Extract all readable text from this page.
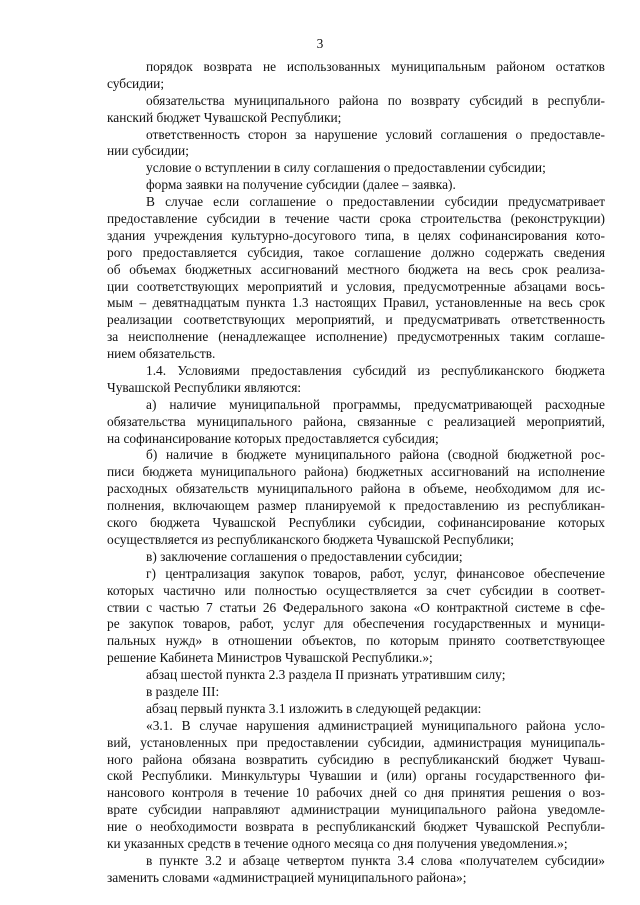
3
порядок возврата не использованных муниципальным районом остатков
субсидии;
обязательства муниципального района по возврату субсидий в республи-
канский бюджет Чувашской Республики;
ответственность сторон за нарушение условий соглашения о предоставле-
нии субсидии;
условие о вступлении в силу соглашения о предоставлении субсидии;
форма заявки на получение субсидии (далее – заявка).
В случае если соглашение о предоставлении субсидии предусматривает
предоставление субсидии в течение части срока строительства (реконструкции)
здания учреждения культурно-досугового типа, в целях софинансирования кото-
рого предоставляется субсидия, такое соглашение должно содержать сведения
об объемах бюджетных ассигнований местного бюджета на весь срок реализа-
ции соответствующих мероприятий и условия, предусмотренные абзацами вось-
мым – девятнадцатым пункта 1.3 настоящих Правил, установленные на весь срок
реализации соответствующих мероприятий, и предусматривать ответственность
за неисполнение (ненадлежащее исполнение) предусмотренных таким соглаше-
нием обязательств.
1.4. Условиями предоставления субсидий из республиканского бюджета
Чувашской Республики являются:
а) наличие муниципальной программы, предусматривающей расходные
обязательства муниципального района, связанные с реализацией мероприятий,
на софинансирование которых предоставляется субсидия;
б) наличие в бюджете муниципального района (сводной бюджетной рос-
писи бюджета муниципального района) бюджетных ассигнований на исполнение
расходных обязательств муниципального района в объеме, необходимом для ис-
полнения, включающем размер планируемой к предоставлению из республикан-
ского бюджета Чувашской Республики субсидии, софинансирование которых
осуществляется из республиканского бюджета Чувашской Республики;
в) заключение соглашения о предоставлении субсидии;
г) централизация закупок товаров, работ, услуг, финансовое обеспечение
которых частично или полностью осуществляется за счет субсидии в соответ-
ствии с частью 7 статьи 26 Федерального закона «О контрактной системе в сфе-
ре закупок товаров, работ, услуг для обеспечения государственных и муници-
пальных нужд» в отношении объектов, по которым принято соответствующее
решение Кабинета Министров Чувашской Республики.»;
абзац шестой пункта 2.3 раздела II признать утратившим силу;
в разделе III:
абзац первый пункта 3.1 изложить в следующей редакции:
«3.1. В случае нарушения администрацией муниципального района усло-
вий, установленных при предоставлении субсидии, администрация муниципаль-
ного района обязана возвратить субсидию в республиканский бюджет Чуваш-
ской Республики. Минкультуры Чувашии и (или) органы государственного фи-
нансового контроля в течение 10 рабочих дней со дня принятия решения о воз-
врате субсидии направляют администрации муниципального района уведомле-
ние о необходимости возврата в республиканский бюджет Чувашской Республи-
ки указанных средств в течение одного месяца со дня получения уведомления.»;
в пункте 3.2 и абзаце четвертом пункта 3.4 слова «получателем субсидии»
заменить словами «администрацией муниципального района»;
